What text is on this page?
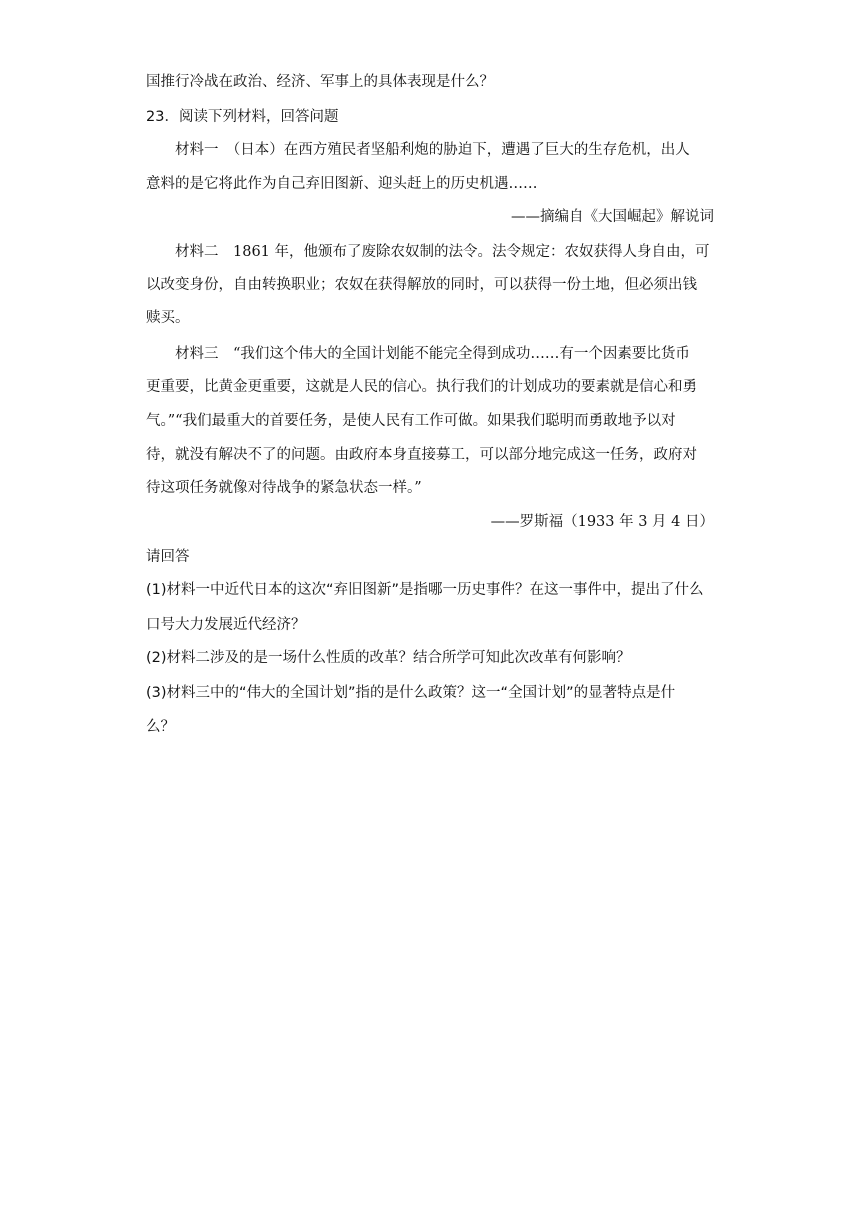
国推行冷战在政治、经济、军事上的具体表现是什么？
23．阅读下列材料，回答问题
材料一　（日本）在西方殖民者坚船利炮的胁迫下，遭遇了巨大的生存危机，出人
意料的是它将此作为自己弃旧图新、迎头赶上的历史机遇……
——摘编自《大国崛起》解说词
材料二　1861 年，他颁布了废除农奴制的法令。法令规定：农奴获得人身自由，可
以改变身份，自由转换职业；农奴在获得解放的同时，可以获得一份土地，但必须出钱
赎买。
材料三　“我们这个伟大的全国计划能不能完全得到成功……有一个因素要比货币
更重要，比黄金更重要，这就是人民的信心。执行我们的计划成功的要素就是信心和勇
气。”“我们最重大的首要任务，是使人民有工作可做。如果我们聪明而勇敢地予以对
待，就没有解决不了的问题。由政府本身直接募工，可以部分地完成这一任务，政府对
待这项任务就像对待战争的紧急状态一样。”
——罗斯福（1933 年 3 月 4 日）
请回答
(1)材料一中近代日本的这次“弃旧图新”是指哪一历史事件？在这一事件中，提出了什么
口号大力发展近代经济？
(2)材料二涉及的是一场什么性质的改革？结合所学可知此次改革有何影响？
(3)材料三中的“伟大的全国计划”指的是什么政策？这一“全国计划”的显著特点是什
么？
